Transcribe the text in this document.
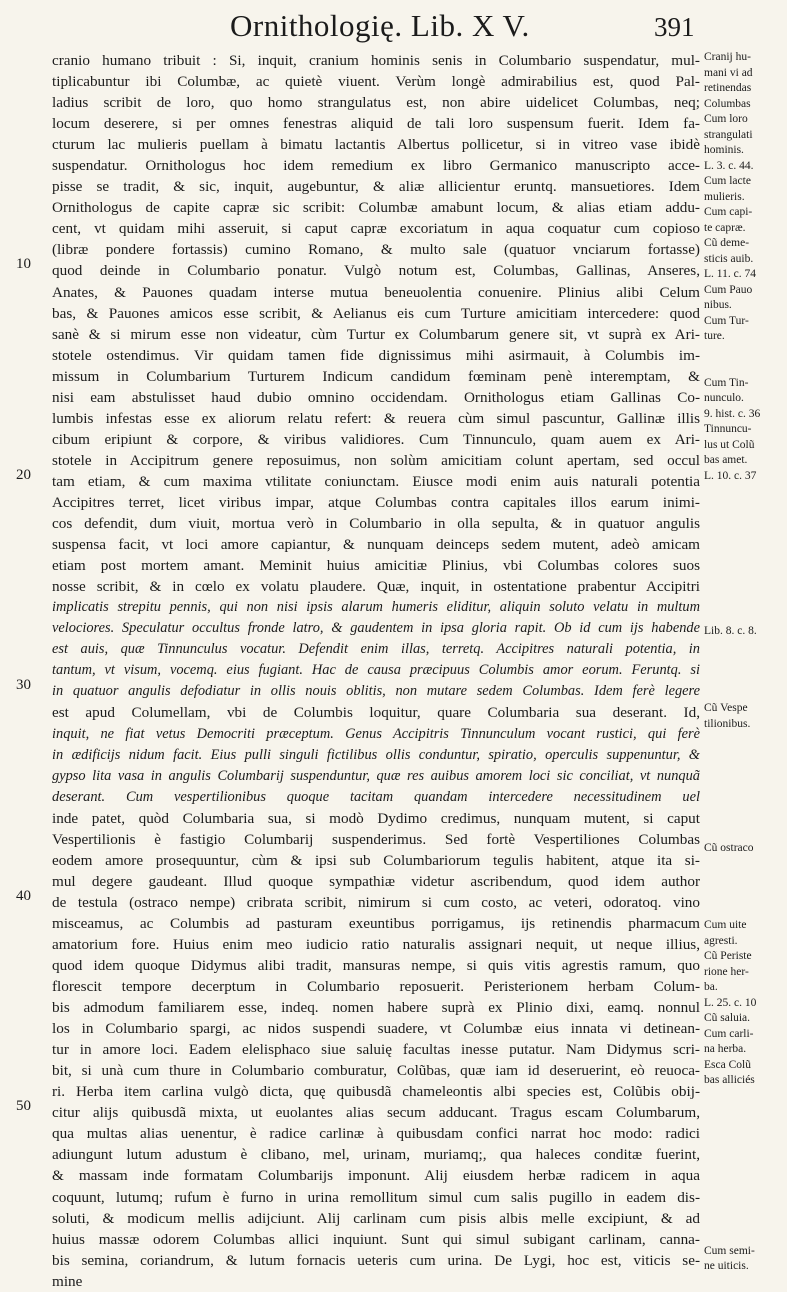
Ornithologię. Lib. X V.	391
10
20
30
40
50
cranio humano tribuit : Si, inquit, cranium hominis senis in Columbario suspendatur, mul-
tiplicabuntur ibi Columbæ, ac quietè viuent. Verùm longè admirabilius est, quod Pal-
ladius scribit de loro, quo homo strangulatus est, non abire uidelicet Columbas, neq;
locum deserere, si per omnes fenestras aliquid de tali loro suspensum fuerit. Idem fa-
cturum lac mulieris puellam à bimatu lactantis Albertus pollicetur, si in vitreo vase ibidè
suspendatur. Ornithologus hoc idem remedium ex libro Germanico manuscripto acce-
pisse se tradit, & sic, inquit, augebuntur, & aliæ allicientur eruntq. mansuetiores. Idem
Ornithologus de capite capræ sic scribit: Columbæ amabunt locum, & alias etiam addu-
cent, vt quidam mihi asseruit, si caput capræ excoriatum in aqua coquatur cum copioso
(libræ pondere fortassis) cumino Romano, & multo sale (quatuor vnciarum fortasse)
quod deinde in Columbario ponatur. Vulgò notum est, Columbas, Gallinas, Anseres,
Anates, & Pauones quadam interse mutua beneuolentia conuenire. Plinius alibi Celum
bas, & Pauones amicos esse scribit, & Aelianus eis cum Turture amicitiam intercedere: quod
sanè & si mirum esse non videatur, cùm Turtur ex Columbarum genere sit, vt suprà ex Ari-
stotele ostendimus. Vir quidam tamen fide dignissimus mihi asirmauit, à Columbis im-
missum in Columbarium Turturem Indicum candidum fœminam penè interemptam, &
nisi eam abstulisset haud dubio omnino occidendam. Ornithologus etiam Gallinas Co-
lumbis infestas esse ex aliorum relatu refert: & reuera cùm simul pascuntur, Gallinæ illis
cibum eripiunt & corpore, & viribus validiores. Cum Tinnunculo, quam auem ex Ari-
stotele in Accipitrum genere reposuimus, non solùm amicitiam colunt apertam, sed occul
tam etiam, & cum maxima vtilitate coniunctam. Eiusce modi enim auis naturali potentia
Accipitres terret, licet viribus impar, atque Columbas contra capitales illos earum inimi-
cos defendit, dum viuit, mortua verò in Columbario in olla sepulta, & in quatuor angulis
suspensa facit, vt loci amore capiantur, & nunquam deinceps sedem mutent, adeò amicam
etiam post mortem amant. Meminit huius amicitiæ Plinius, vbi Columbas colores suos
nosse scribit, & in cœlo ex volatu plaudere. Quæ, inquit, in ostentatione prabentur Accipitri
implicatis strepitu pennis, qui non nisi ipsis alarum humeris eliditur, aliquin soluto velatu in multum
velociores. Speculatur occultus fronde latro, & gaudentem in ipsa gloria rapit. Ob id cum ijs habende
est auis, quæ Tinnunculus vocatur. Defendit enim illas, terretq. Accipitres naturali potentia, in
tantum, vt visum, vocemq. eius fugiant. Hac de causa præcipuus Columbis amor eorum. Feruntq. si
in quatuor angulis defodiatur in ollis nouis oblitis, non mutare sedem Columbas. Idem ferè legere
est apud Columellam, vbi de Columbis loquitur, quare Columbaria sua deserant. Id,
inquit, ne fiat vetus Democriti præceptum. Genus Accipitris Tinnunculum vocant rustici, qui ferè
in ædificijs nidum facit. Eius pulli singuli fictilibus ollis conduntur, spiratio, operculis suppenuntur, &
gypso lita vasa in angulis Columbarij suspenduntur, quæ res auibus amorem loci sic conciliat, vt nunquã
deserant. Cum vespertilionibus quoque tacitam quandam intercedere necessitudinem uel
inde patet, quòd Columbaria sua, si modò Dydimo credimus, nunquam mutent, si caput
Vespertilionis è fastigio Columbarij suspenderimus. Sed fortè Vespertiliones Columbas
eodem amore prosequuntur, cùm & ipsi sub Columbariorum tegulis habitent, atque ita si-
mul degere gaudeant. Illud quoque sympathiæ videtur ascribendum, quod idem author
de testula (ostraco nempe) cribrata scribit, nimirum si cum costo, ac veteri, odoratoq. vino
misceamus, ac Columbis ad pasturam exeuntibus porrigamus, ijs retinendis pharmacum
amatorium fore. Huius enim meo iudicio ratio naturalis assignari nequit, ut neque illius,
quod idem quoque Didymus alibi tradit, mansuras nempe, si quis vitis agrestis ramum, quo
florescit tempore decerptum in Columbario reposuerit. Peristerionem herbam Colum-
bis admodum familiarem esse, indeq. nomen habere suprà ex Plinio dixi, eamq. nonnul
los in Columbario spargi, ac nidos suspendi suadere, vt Columbæ eius innata vi detinean-
tur in amore loci. Eadem elelisphaco siue saluię facultas inesse putatur. Nam Didymus scri-
bit, si unà cum thure in Columbario comburatur, Colũbas, quæ iam id deseruerint, eò reuoca-
ri. Herba item carlina vulgò dicta, quę quibusdã chameleontis albi species est, Colũbis obij-
citur alijs quibusdã mixta, ut euolantes alias secum adducant. Tragus escam Columbarum,
qua multas alias uenentur, è radice carlinæ à quibusdam confici narrat hoc modo: radici
adiungunt lutum adustum è clibano, mel, urinam, muriamq;, qua haleces conditæ fuerint,
& massam inde formatam Columbarijs imponunt. Alij eiusdem herbæ radicem in aqua
coquunt, lutumq; rufum è furno in urina remollitum simul cum salis pugillo in eadem dis-
soluti, & modicum mellis adijciunt. Alij carlinam cum pisis albis melle excipiunt, & ad
huius massæ odorem Columbas allici inquiunt. Sunt qui simul subigant carlinam, canna-
bis semina, coriandrum, & lutum fornacis ueteris cum urina. De Lygi, hoc est, viticis se-
mine
Cranij hu-
mani vi ad
retinendas
Columbas
Cum loro
strangulati
hominis.
L. 3. c. 44.
Cum lacte
mulieris.
Cum capi-
te capræ.
Cũ deme-
sticis auib.
L. 11. c. 74
Cum Pauo
nibus.
Cum Tur-
ture.
Cum Tin-
nunculo.
9. hist. c. 36
Tinnuncu-
lus ut Colũ
bas amet.
L. 10. c. 37
Lib. 8. c. 8.
Cũ Vespe
tilionibus.
Cũ ostraco
Cum uite
agresti.
Cũ Periste
rione her-
ba.
L. 25. c. 10
Cũ saluia.
Cum carli-
na herba.
Esca Colũ
bas alliciés
Cum semi-
ne uiticis.
